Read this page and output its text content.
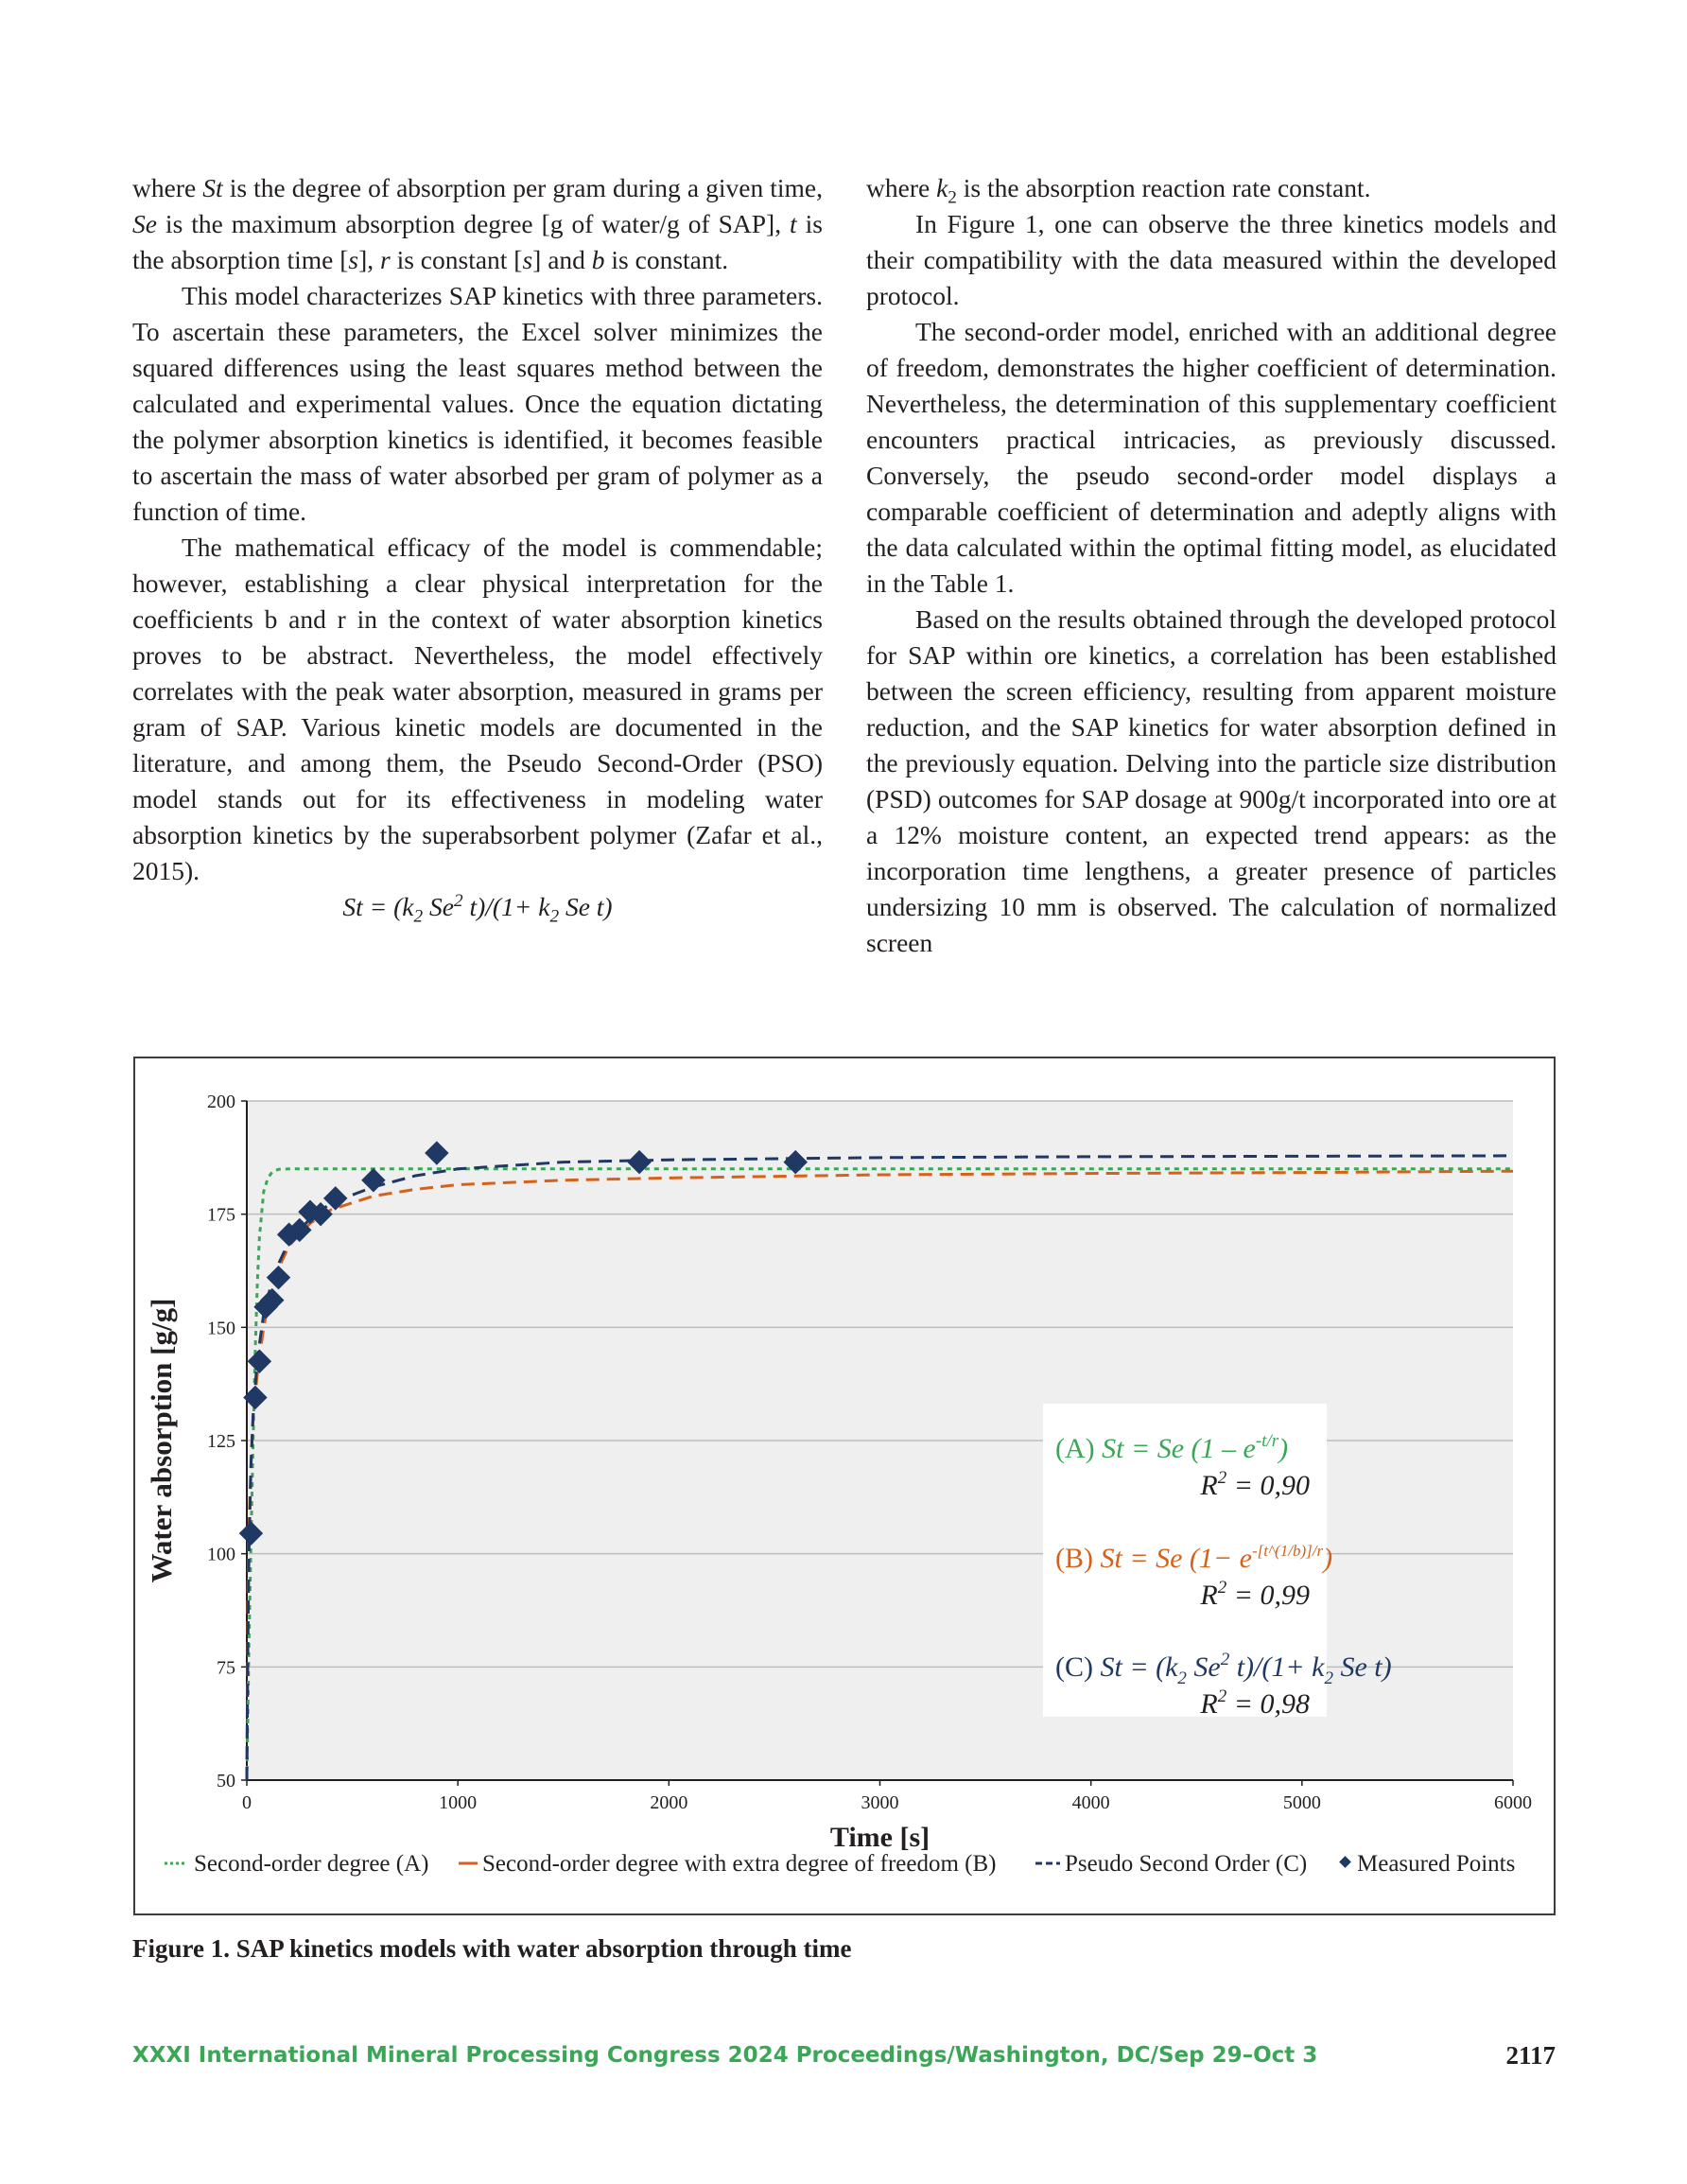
where St is the degree of absorption per gram during a given time, Se is the maximum absorption degree [g of water/g of SAP], t is the absorption time [s], r is constant [s] and b is constant.

This model characterizes SAP kinetics with three parameters. To ascertain these parameters, the Excel solver minimizes the squared differences using the least squares method between the calculated and experimental values. Once the equation dictating the polymer absorption kinetics is identified, it becomes feasible to ascertain the mass of water absorbed per gram of polymer as a function of time.

The mathematical efficacy of the model is commendable; however, establishing a clear physical interpretation for the coefficients b and r in the context of water absorption kinetics proves to be abstract. Nevertheless, the model effectively correlates with the peak water absorption, measured in grams per gram of SAP. Various kinetic models are documented in the literature, and among them, the Pseudo Second-Order (PSO) model stands out for its effectiveness in modeling water absorption kinetics by the superabsorbent polymer (Zafar et al., 2015).

$St = (k_2$ Se$^2$ $t)/(1+ k_2$ Se t)

where $k_2$ is the absorption reaction rate constant.

In Figure 1, one can observe the three kinetics models and their compatibility with the data measured within the developed protocol.

The second-order model, enriched with an additional degree of freedom, demonstrates the higher coefficient of determination. Nevertheless, the determination of this supplementary coefficient encounters practical intricacies, as previously discussed. Conversely, the pseudo second-order model displays a comparable coefficient of determination and adeptly aligns with the data calculated within the optimal fitting model, as elucidated in the Table 1.

Based on the results obtained through the developed protocol for SAP within ore kinetics, a correlation has been established between the screen efficiency, resulting from apparent moisture reduction, and the SAP kinetics for water absorption defined in the previously equation. Delving into the particle size distribution (PSD) outcomes for SAP dosage at 900g/t incorporated into ore at a 12% moisture content, an expected trend appears: as the incorporation time lengthens, a greater presence of particles undersizing 10 mm is observed. The calculation of normalized screen

50
75
100
125
150
175
200
0	1000	2000	3000	4000	5000	6000
Water absorption [g/g]
Time [s]
(A) St = Se $(1 - e^{-t/r})$
$R^2 = 0,90$
(B) St = Se $(1- e^{-[t\^{}(1/b)]/r})$
$R^2 = 0,99$
(C) $St = (k_2$ Se$^2$ $t)/(1+ k_2$ Se t)
$R^2 = 0,98$
Second-order degree (A) Second-order degree with extra degree of freedom (B)	Pseudo Second Order (C) Measured Points
Figure 1. SAP kinetics models with water absorption through time
XXXI International Mineral Processing Congress 2024 Proceedings/Washington, DC/Sep 29–Oct 3	2117
